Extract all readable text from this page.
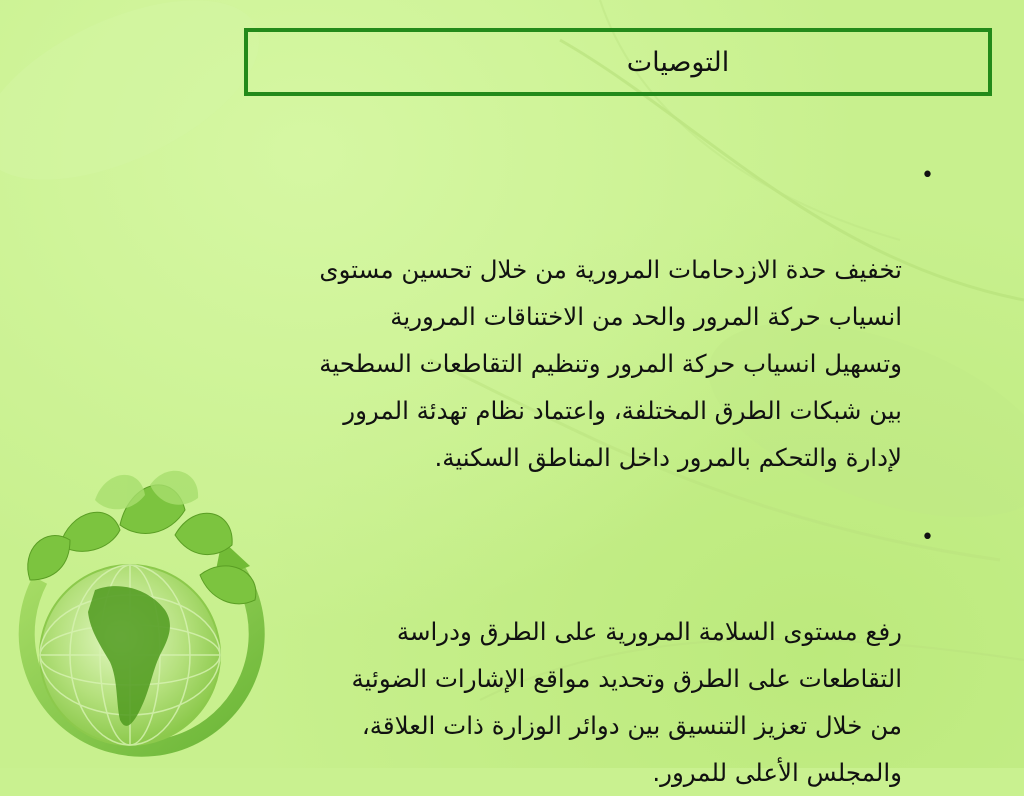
التوصيات

•

تخفيف حدة الازدحامات المرورية من خلال تحسين مستوى
انسياب حركة المرور والحد من الاختناقات المرورية
وتسهيل انسياب حركة المرور وتنظيم التقاطعات السطحية
بين شبكات الطرق المختلفة، واعتماد نظام تهدئة المرور
لإدارة والتحكم بالمرور داخل المناطق السكنية.

•

رفع مستوى السلامة المرورية على الطرق ودراسة
التقاطعات على الطرق وتحديد مواقع الإشارات الضوئية
من خلال تعزيز التنسيق بين دوائر الوزارة ذات العلاقة،
والمجلس الأعلى للمرور.
